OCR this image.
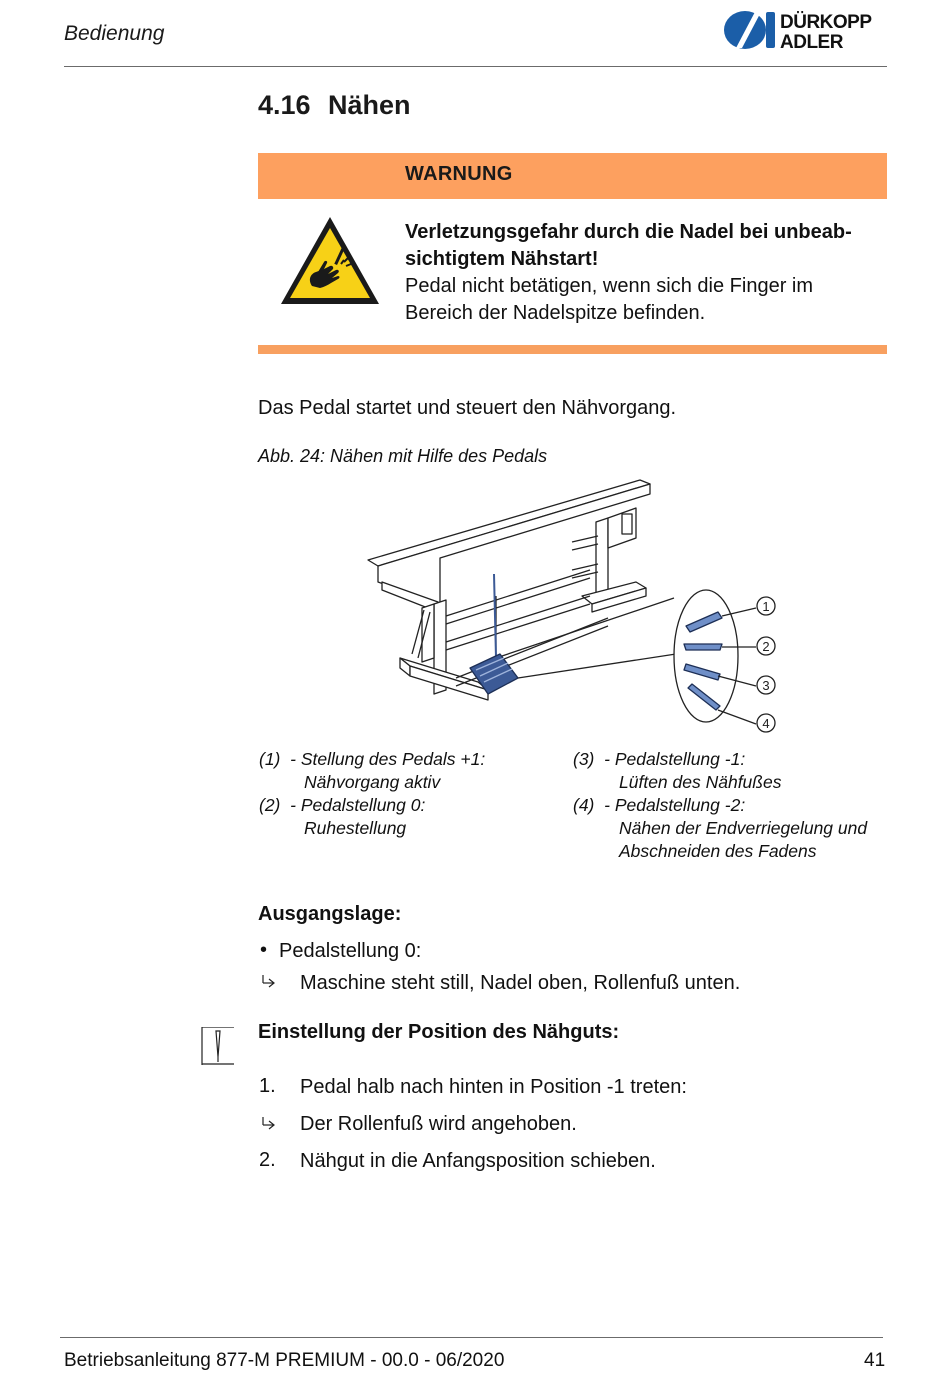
Bedienung	DÜRKOPP
ADLER
4.16 Nähen
WARNUNG
Verletzungsgefahr durch die Nadel bei unbeab-
sichtigtem Nähstart!
Pedal nicht betätigen, wenn sich die Finger im
Bereich der Nadelspitze befinden.
Das Pedal startet und steuert den Nähvorgang.
Abb. 24: Nähen mit Hilfe des Pedals
1
2
3
4
(1) - Stellung des Pedals +1:
Nähvorgang aktiv
(2) - Pedalstellung 0:
Ruhestellung
(3) - Pedalstellung -1:
Lüften des Nähfußes
(4) - Pedalstellung -2:
Nähen der Endverriegelung und
Abschneiden des Fadens
Ausgangslage:
• Pedalstellung 0:
Maschine steht still, Nadel oben, Rollenfuß unten.
Einstellung der Position des Nähguts:
1. Pedal halb nach hinten in Position -1 treten:
Der Rollenfuß wird angehoben.
2. Nähgut in die Anfangsposition schieben.
Betriebsanleitung 877-M PREMIUM - 00.0 - 06/2020	41
